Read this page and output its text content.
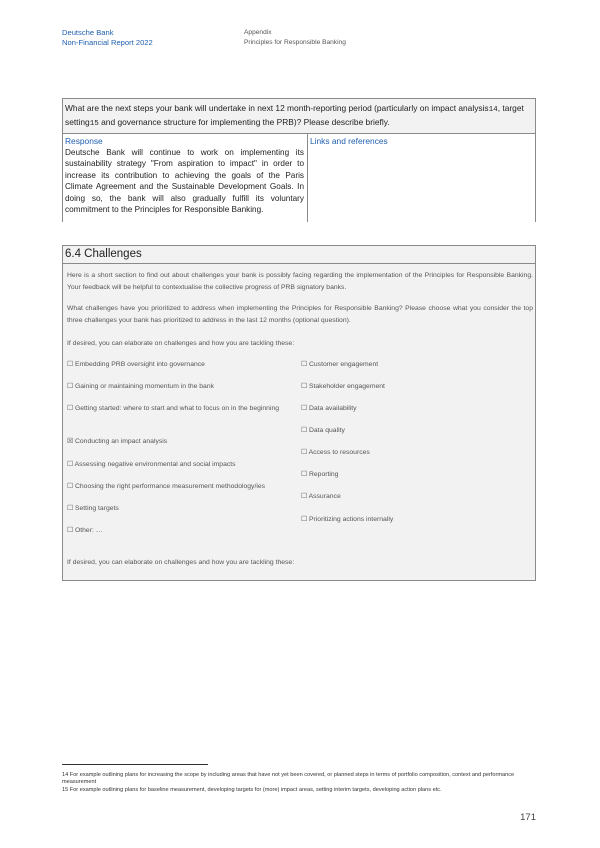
Deutsche Bank
Non-Financial Report 2022
Appendix
Principles for Responsible Banking
What are the next steps your bank will undertake in next 12 month-reporting period (particularly on impact analysis14, target setting15 and governance structure for implementing the PRB)? Please describe briefly.
Response
Deutsche Bank will continue to work on implementing its sustainability strategy "From aspiration to impact" in order to increase its contribution to achieving the goals of the Paris Climate Agreement and the Sustainable Development Goals. In doing so, the bank will also gradually fulfill its voluntary commitment to the Principles for Responsible Banking.
Links and references
6.4 Challenges
Here is a short section to find out about challenges your bank is possibly facing regarding the implementation of the Principles for Responsible Banking. Your feedback will be helpful to contextualise the collective progress of PRB signatory banks.
What challenges have you prioritized to address when implementing the Principles for Responsible Banking? Please choose what you consider the top three challenges your bank has prioritized to address in the last 12 months (optional question).
If desired, you can elaborate on challenges and how you are tackling these:
☐ Embedding PRB oversight into governance
☐ Gaining or maintaining momentum in the bank
☐ Getting started: where to start and what to focus on in the beginning
☒ Conducting an impact analysis
☐ Assessing negative environmental and social impacts
☐ Choosing the right performance measurement methodology/ies
☐ Setting targets
☐ Other: …
☐ Customer engagement
☐ Stakeholder engagement
☐ Data availability
☐ Data quality
☐ Access to resources
☐ Reporting
☐ Assurance
☐ Prioritizing actions internally
If desired, you can elaborate on challenges and how you are tackling these:
14 For example outlining plans for increasing the scope by including areas that have not yet been covered, or planned steps in terms of portfolio composition, context and performance measurement
15 For example outlining plans for baseline measurement, developing targets for (more) impact areas, setting interim targets, developing action plans etc.
171
